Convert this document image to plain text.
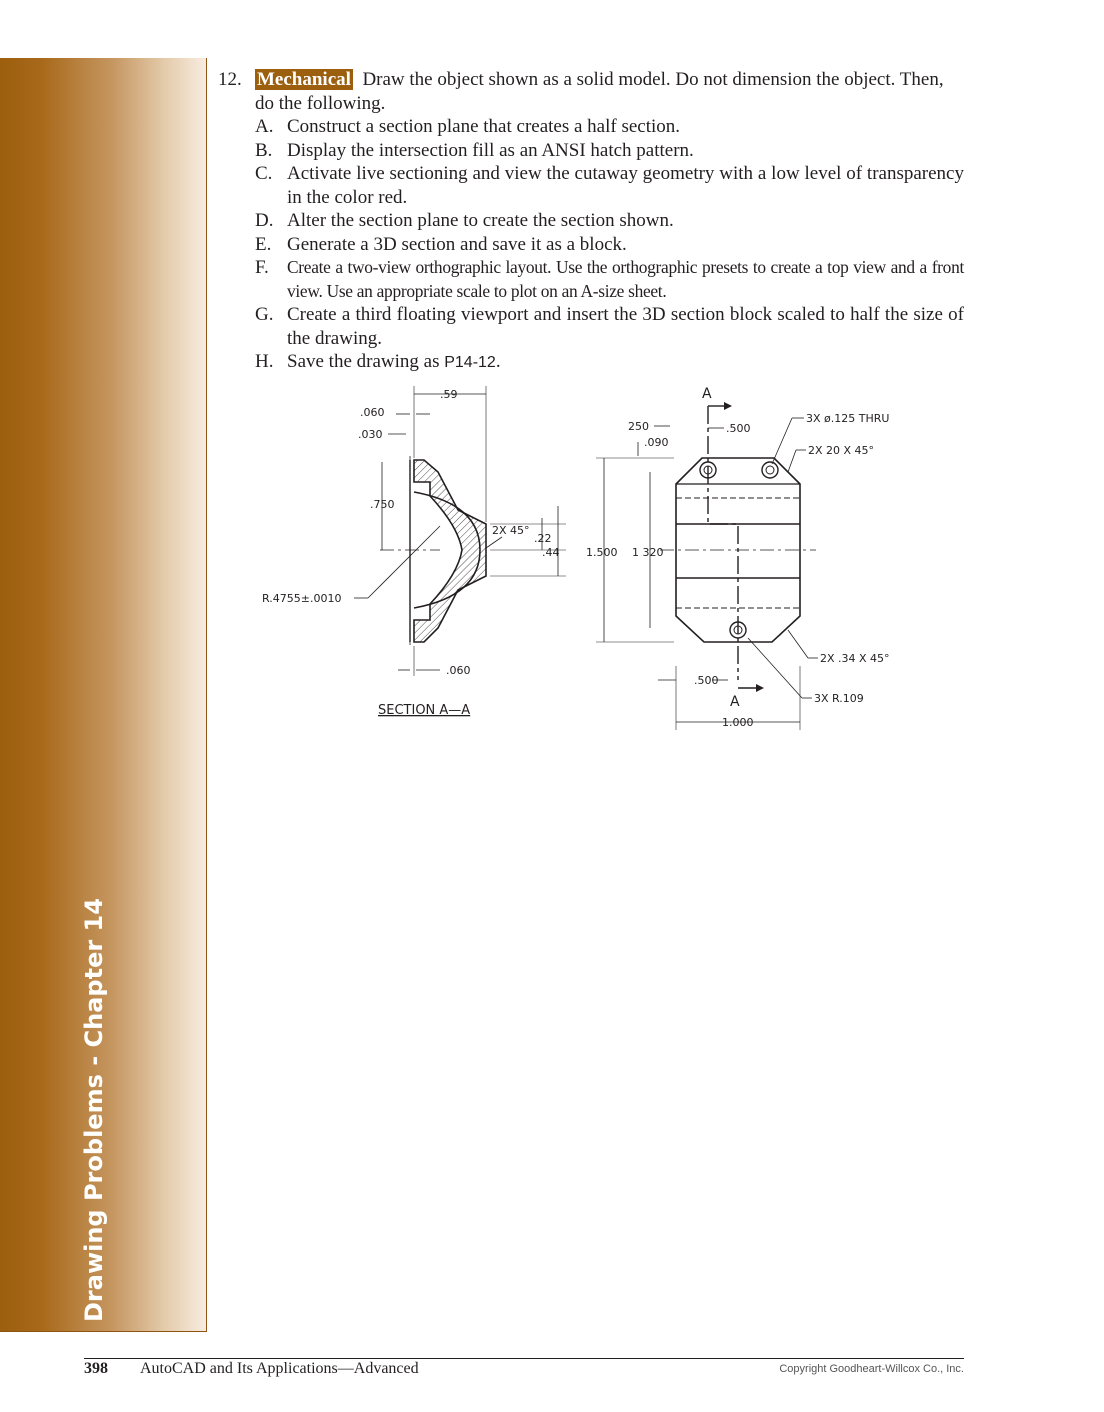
Drawing Problems - Chapter 14
12. Mechanical Draw the object shown as a solid model. Do not dimension the object. Then, do the following.
A. Construct a section plane that creates a half section.
B. Display the intersection fill as an ANSI hatch pattern.
C. Activate live sectioning and view the cutaway geometry with a low level of transparency in the color red.
D. Alter the section plane to create the section shown.
E. Generate a 3D section and save it as a block.
F.	Create a two-view orthographic layout. Use the orthographic presets to create a top view and a front view. Use an appropriate scale to plot on an A-size sheet.
G. Create a third floating viewport and insert the 3D section block scaled to half the size of the drawing.
H. Save the drawing as P14-12.
.59
.060
.030
.750
2X 45°
.22
.44
R.4755±.0010
.060
SECTION A—A
A
A
250	.500
.090
3X ø.125 THRU
2X 20 X 45°
1.500 1 320
2X .34 X 45°
3X R.109
.500
1.000
398 AutoCAD and Its Applications—Advanced	Copyright Goodheart-Willcox Co., Inc.
